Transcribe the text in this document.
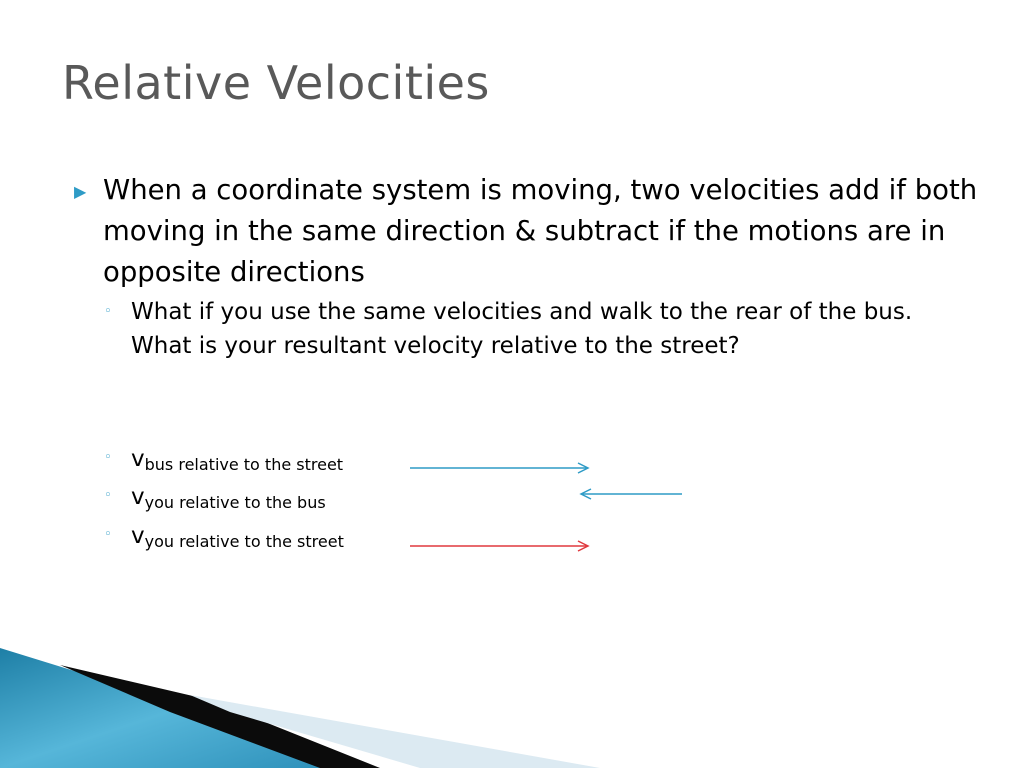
Relative Velocities
▶ When a coordinate system is moving, two velocities add if both moving in the same direction & subtract if the motions are in opposite directions
◦ What if you use the same velocities and walk to the rear of the bus. What is your resultant velocity relative to the street?
◦ $v_{bus relative to the street}$
◦ $v_{you relative to the bus}$
◦ $v_{you relative to the street}$
